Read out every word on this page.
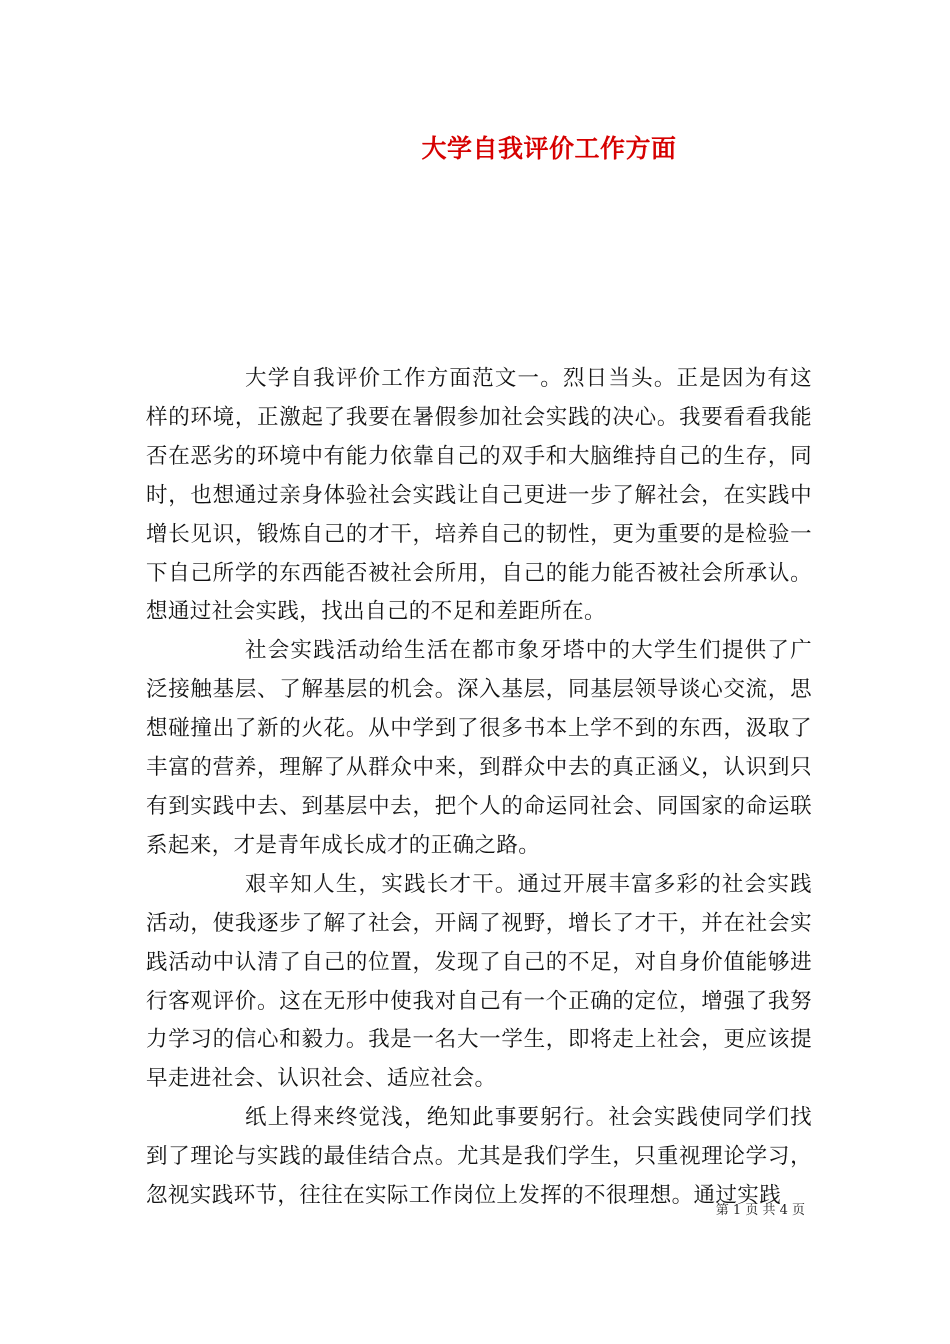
大学自我评价工作方面

大学自我评价工作方面范文一。烈日当头。正是因为有这样的环境，正激起了我要在暑假参加社会实践的决心。我要看看我能否在恶劣的环境中有能力依靠自己的双手和大脑维持自己的生存，同时，也想通过亲身体验社会实践让自己更进一步了解社会，在实践中增长见识，锻炼自己的才干，培养自己的韧性，更为重要的是检验一下自己所学的东西能否被社会所用，自己的能力能否被社会所承认。想通过社会实践，找出自己的不足和差距所在。

社会实践活动给生活在都市象牙塔中的大学生们提供了广泛接触基层、了解基层的机会。深入基层，同基层领导谈心交流，思想碰撞出了新的火花。从中学到了很多书本上学不到的东西，汲取了丰富的营养，理解了从群众中来，到群众中去的真正涵义，认识到只有到实践中去、到基层中去，把个人的命运同社会、同国家的命运联系起来，才是青年成长成才的正确之路。

艰辛知人生，实践长才干。通过开展丰富多彩的社会实践活动，使我逐步了解了社会，开阔了视野，增长了才干，并在社会实践活动中认清了自己的位置，发现了自己的不足，对自身价值能够进行客观评价。这在无形中使我对自己有一个正确的定位，增强了我努力学习的信心和毅力。我是一名大一学生，即将走上社会，更应该提早走进社会、认识社会、适应社会。

纸上得来终觉浅，绝知此事要躬行。社会实践使同学们找到了理论与实践的最佳结合点。尤其是我们学生，只重视理论学习，忽视实践环节，往往在实际工作岗位上发挥的不很理想。通过实践

第 1 页 共 4 页
